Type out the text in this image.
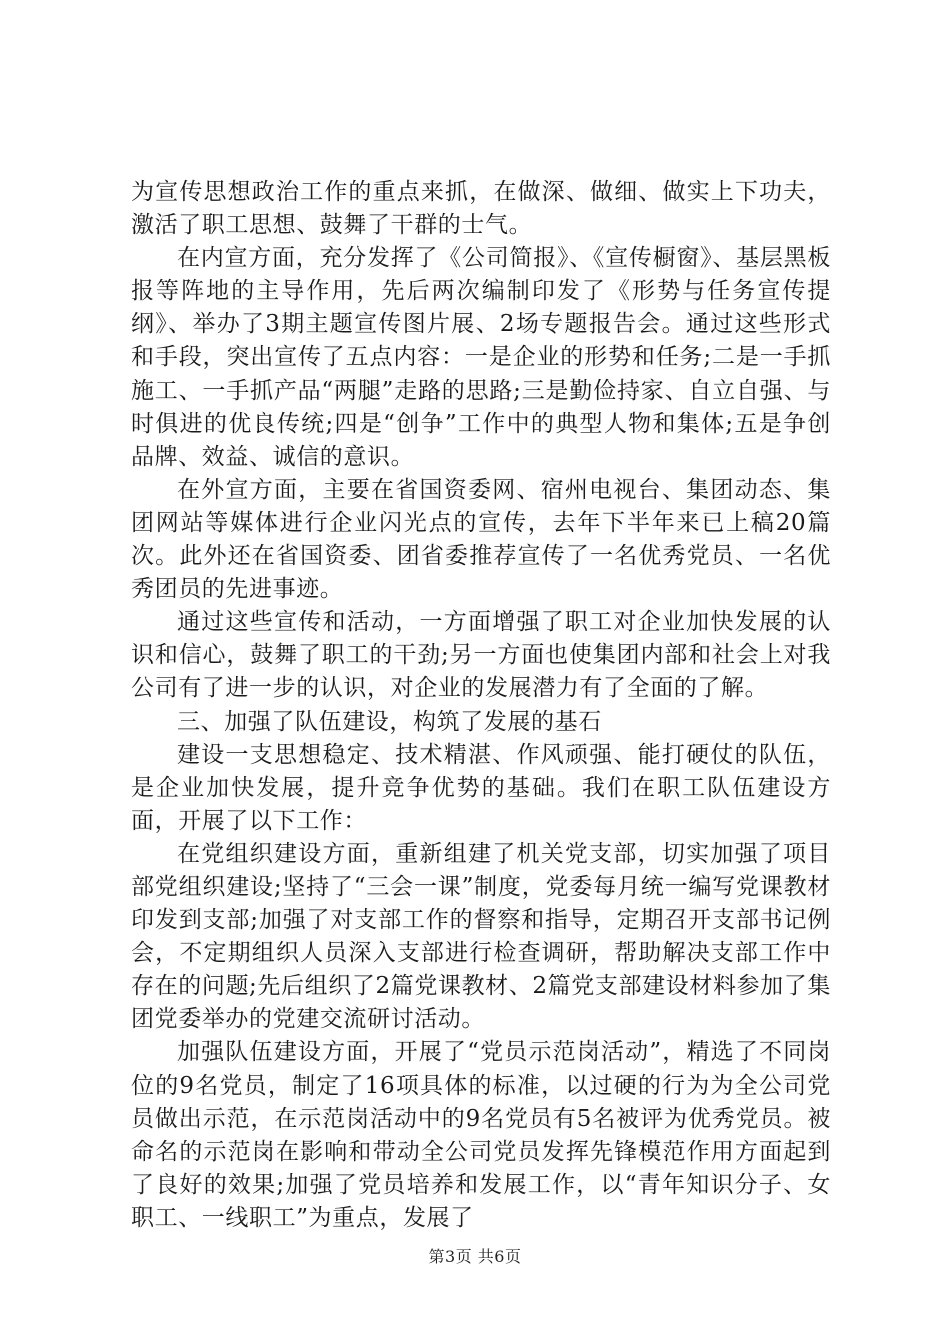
为宣传思想政治工作的重点来抓，在做深、做细、做实上下功夫，激活了职工思想、鼓舞了干群的士气。

在内宣方面，充分发挥了《公司简报》、《宣传橱窗》、基层黑板报等阵地的主导作用，先后两次编制印发了《形势与任务宣传提纲》、举办了3期主题宣传图片展、2场专题报告会。通过这些形式和手段，突出宣传了五点内容：一是企业的形势和任务;二是一手抓施工、一手抓产品“两腿”走路的思路;三是勤俭持家、自立自强、与时俱进的优良传统;四是“创争”工作中的典型人物和集体;五是争创品牌、效益、诚信的意识。

在外宣方面，主要在省国资委网、宿州电视台、集团动态、集团网站等媒体进行企业闪光点的宣传，去年下半年来已上稿20篇次。此外还在省国资委、团省委推荐宣传了一名优秀党员、一名优秀团员的先进事迹。

通过这些宣传和活动，一方面增强了职工对企业加快发展的认识和信心，鼓舞了职工的干劲;另一方面也使集团内部和社会上对我公司有了进一步的认识，对企业的发展潜力有了全面的了解。

三、加强了队伍建设，构筑了发展的基石

建设一支思想稳定、技术精湛、作风顽强、能打硬仗的队伍，是企业加快发展，提升竞争优势的基础。我们在职工队伍建设方面，开展了以下工作：

在党组织建设方面，重新组建了机关党支部，切实加强了项目部党组织建设;坚持了“三会一课”制度，党委每月统一编写党课教材印发到支部;加强了对支部工作的督察和指导，定期召开支部书记例会，不定期组织人员深入支部进行检查调研，帮助解决支部工作中存在的问题;先后组织了2篇党课教材、2篇党支部建设材料参加了集团党委举办的党建交流研讨活动。

加强队伍建设方面，开展了“党员示范岗活动”，精选了不同岗位的9名党员，制定了16项具体的标准，以过硬的行为为全公司党员做出示范，在示范岗活动中的9名党员有5名被评为优秀党员。被命名的示范岗在影响和带动全公司党员发挥先锋模范作用方面起到了良好的效果;加强了党员培养和发展工作，以“青年知识分子、女职工、一线职工”为重点，发展了

第3页 共6页
